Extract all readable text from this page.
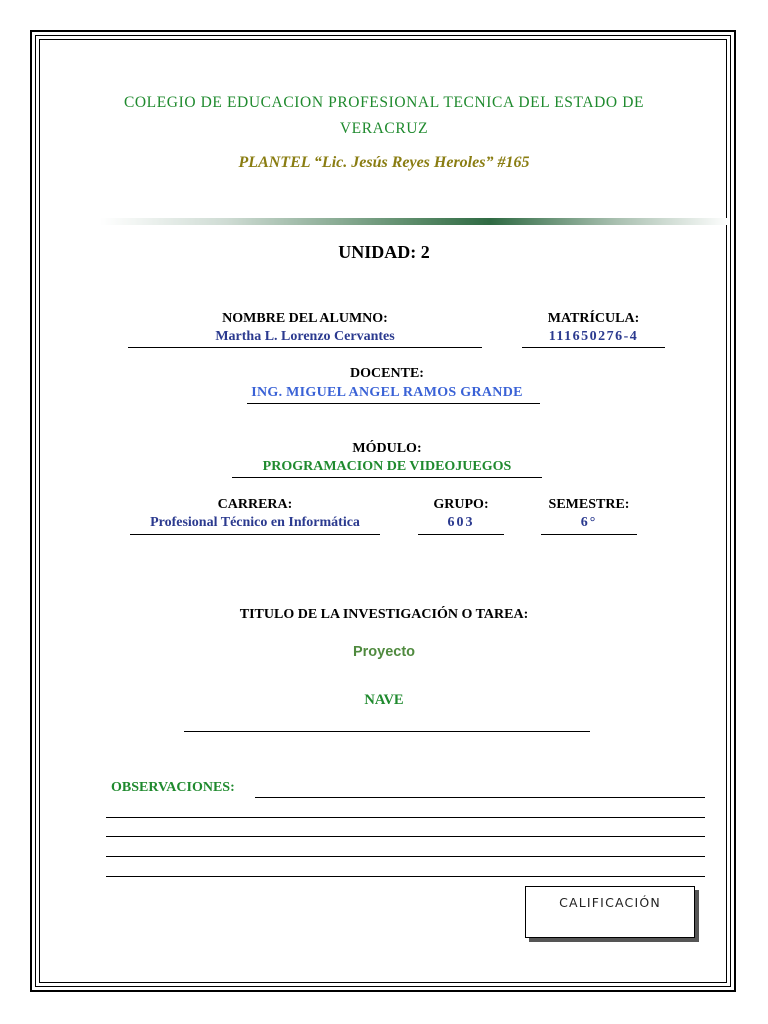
COLEGIO DE EDUCACION PROFESIONAL TECNICA DEL ESTADO DE
VERACRUZ
PLANTEL “Lic. Jesús Reyes Heroles” #165
UNIDAD: 2
NOMBRE DEL ALUMNO:
Martha L. Lorenzo Cervantes
MATRÍCULA:
111650276-4
DOCENTE:
ING. MIGUEL ANGEL RAMOS GRANDE
MÓDULO:
PROGRAMACION DE VIDEOJUEGOS
CARRERA:
Profesional Técnico en Informática
GRUPO:
603
SEMESTRE:
6°
TITULO DE LA INVESTIGACIÓN O TAREA:
Proyecto
NAVE
OBSERVACIONES:
CALIFICACIÓN
